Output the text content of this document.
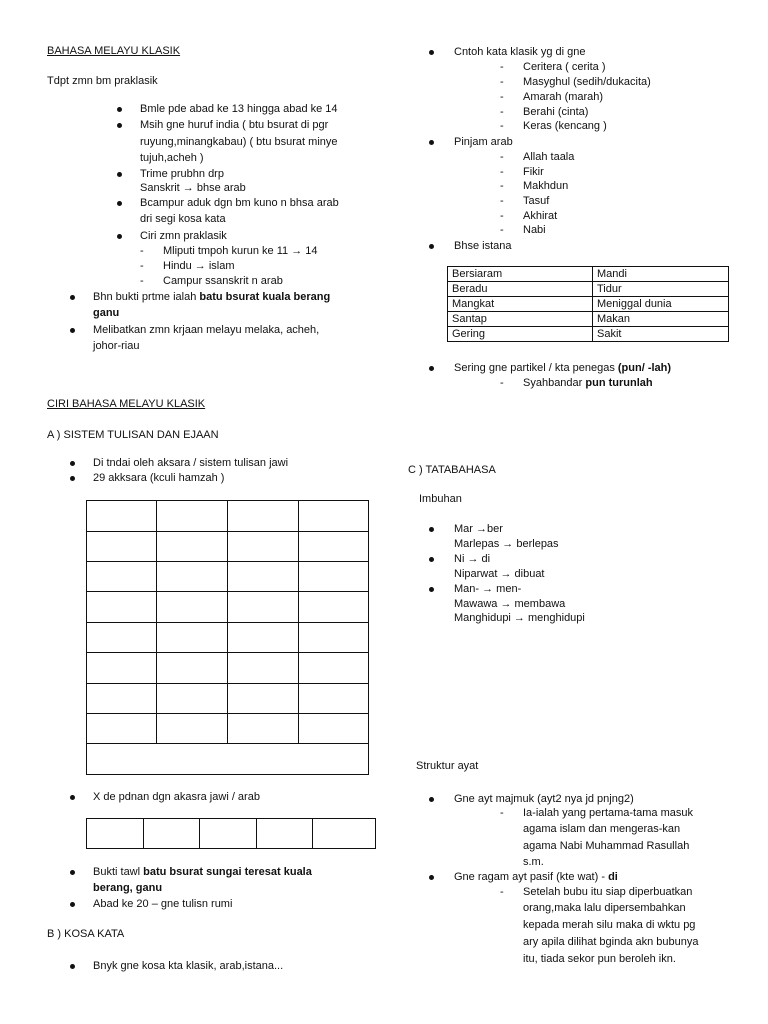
BAHASA MELAYU KLASIK
Tdpt zmn bm praklasik
Bmle pde abad ke 13 hingga abad ke 14
Msih gne huruf india ( btu bsurat di pgr
ruyung,minangkabau) ( btu bsurat minye
tujuh,acheh )
Trime prubhn drp
Sanskrit → bhse arab
Bcampur aduk dgn bm kuno n bhsa arab
dri segi kosa kata
Ciri zmn praklasik
- Mliputi tmpoh kurun ke 11 → 14
- Hindu → islam
- Campur ssanskrit n arab
Bhn bukti prtme ialah batu bsurat kuala berang
ganu
Melibatkan zmn krjaan melayu melaka, acheh,
johor-riau
CIRI BAHASA MELAYU KLASIK
A ) SISTEM TULISAN DAN EJAAN
Di tndai oleh aksara / sistem tulisan jawi
29 akksara (kculi hamzah )

X de pdnan dgn akasra jawi / arab

Bukti tawl batu bsurat sungai teresat kuala
berang, ganu
Abad ke 20 – gne tulisn rumi
B ) KOSA KATA
Bnyk gne kosa kta klasik, arab,istana...
Cntoh kata klasik yg di gne
- Ceritera ( cerita )
- Masyghul (sedih/dukacita)
- Amarah (marah)
- Berahi (cinta)
- Keras (kencang )
Pinjam arab
- Allah taala
- Fikir
- Makhdun
- Tasuf
- Akhirat
- Nabi
Bhse istana
Bersiaram	Mandi
Beradu	Tidur
Mangkat	Meniggal dunia
Santap	Makan
Gering	Sakit
Sering gne partikel / kta penegas (pun/ -lah)
- Syahbandar pun turunlah
C ) TATABAHASA
Imbuhan
Mar →ber
Marlepas → berlepas
Ni → di
Niparwat → dibuat
Man- → men-
Mawawa → membawa
Manghidupi → menghidupi
Struktur ayat
Gne ayt majmuk (ayt2 nya jd pnjng2)
- Ia-ialah yang pertama-tama masuk
agama islam dan mengeras-kan
agama Nabi Muhammad Rasullah
s.m.
Gne ragam ayt pasif (kte wat) - di
- Setelah bubu itu siap diperbuatkan
orang,maka lalu dipersembahkan
kepada merah silu maka di wktu pg
ary apila dilihat bginda akn bubunya
itu, tiada sekor pun beroleh ikn.
